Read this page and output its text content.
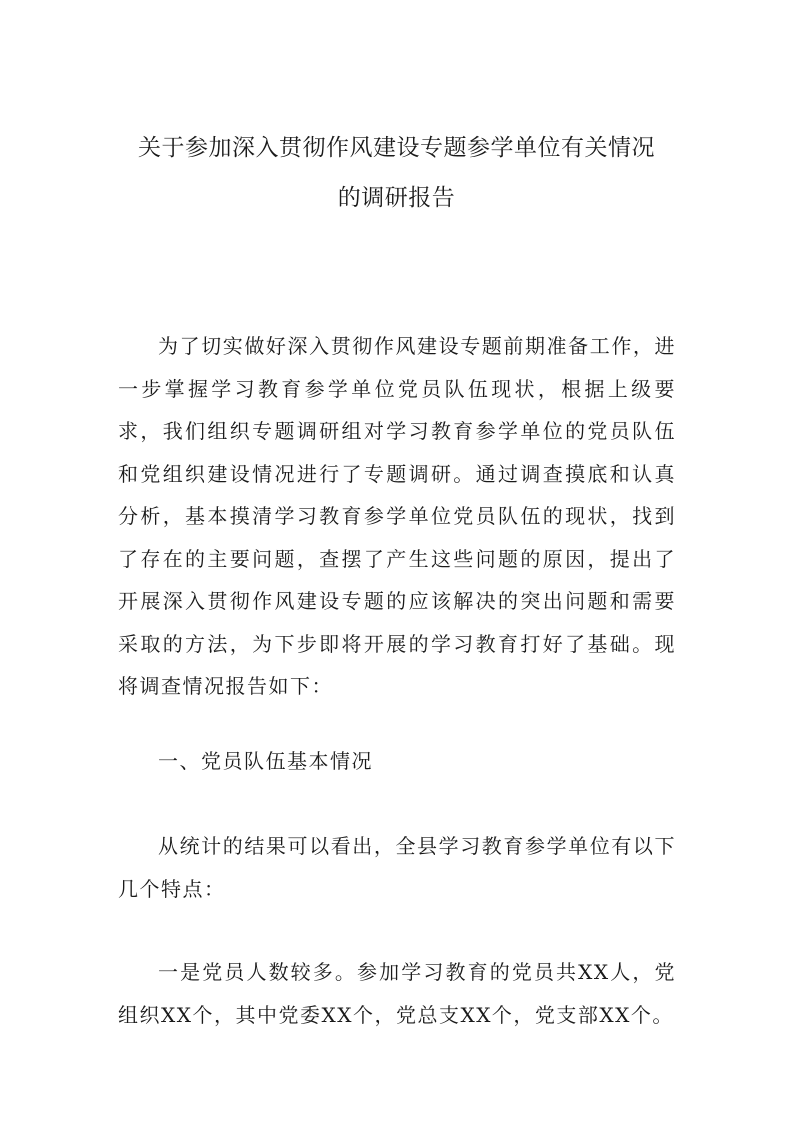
关于参加深入贯彻作风建设专题参学单位有关情况
的调研报告

为了切实做好深入贯彻作风建设专题前期准备工作，进一步掌握学习教育参学单位党员队伍现状，根据上级要求，我们组织专题调研组对学习教育参学单位的党员队伍和党组织建设情况进行了专题调研。通过调查摸底和认真分析，基本摸清学习教育参学单位党员队伍的现状，找到了存在的主要问题，查摆了产生这些问题的原因，提出了开展深入贯彻作风建设专题的应该解决的突出问题和需要采取的方法，为下步即将开展的学习教育打好了基础。现将调查情况报告如下：

一、党员队伍基本情况

从统计的结果可以看出，全县学习教育参学单位有以下几个特点：

一是党员人数较多。参加学习教育的党员共XX人，党组织XX个，其中党委XX个，党总支XX个，党支部XX个。
